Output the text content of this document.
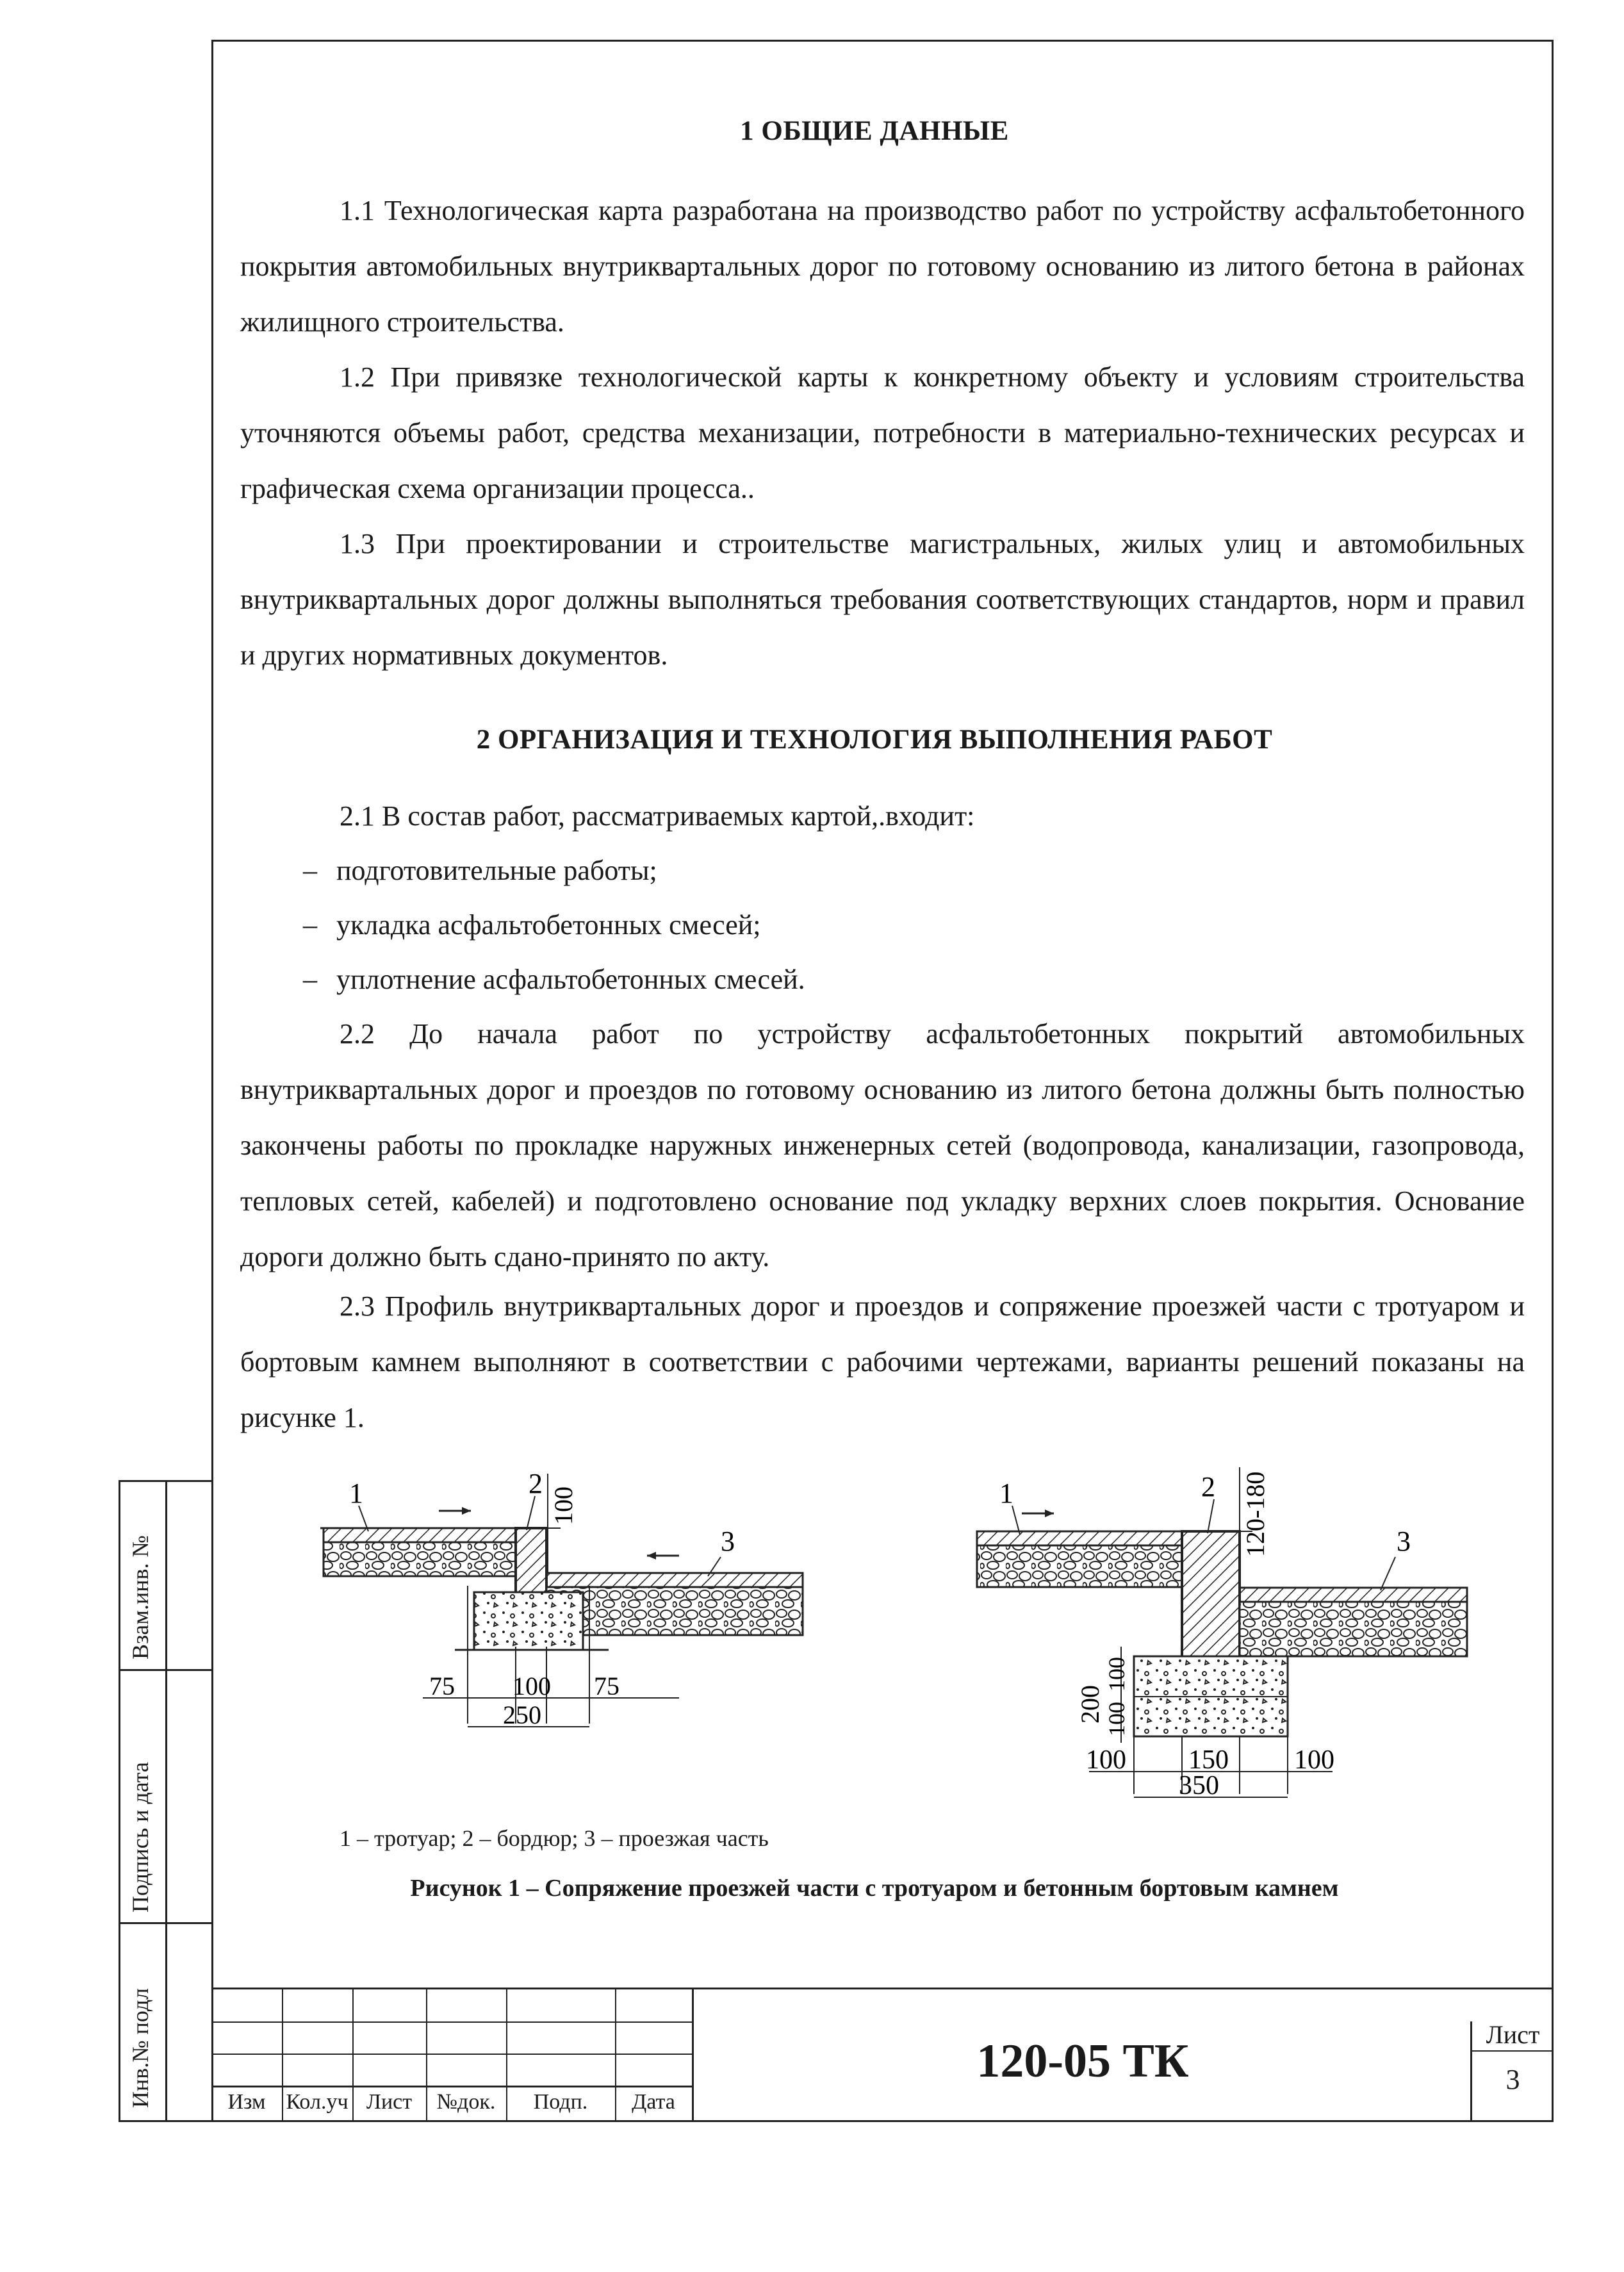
Взам.инв. №
Подпись и дата
Инв.№ подл
1 ОБЩИЕ ДАННЫЕ

1.1 Технологическая карта разработана на производство работ по устройству асфальтобетонного покрытия автомобильных внутриквартальных дорог по готовому основанию из литого бетона в районах жилищного строительства.

1.2 При привязке технологической карты к конкретному объекту и условиям строительства уточняются объемы работ, средства механизации, потребности в материально-технических ресурсах и графическая схема организации процесса..

1.3 При проектировании и строительстве магистральных, жилых улиц и автомобильных внутриквартальных дорог должны выполняться требования соответствующих стандартов, норм и правил и других нормативных документов.

2 ОРГАНИЗАЦИЯ И ТЕХНОЛОГИЯ ВЫПОЛНЕНИЯ РАБОТ

2.1 В состав работ, рассматриваемых картой,.входит:

– подготовительные работы;

– укладка асфальтобетонных смесей;

– уплотнение асфальтобетонных смесей.

2.2 До начала работ по устройству асфальтобетонных покрытий автомобильных внутриквартальных дорог и проездов по готовому основанию из литого бетона должны быть полностью закончены работы по прокладке наружных инженерных сетей (водопровода, канализации, газопровода, тепловых сетей, кабелей) и подготовлено основание под укладку верхних слоев покрытия. Основание дороги должно быть сдано-принято по акту.

2.3 Профиль внутриквартальных дорог и проездов и сопряжение проезжей части с тротуаром и бортовым камнем выполняют в соответствии с рабочими чертежами, варианты решений показаны на рисунке 1.

100
75 100 75
250
1	2
3	120-180
200
100
100
100 150 100
350
1	2
3
1 – тротуар; 2 – бордюр; 3 – проезжая часть
Рисунок 1 – Сопряжение проезжей части с тротуаром и бетонным бортовым камнем
Изм Кол.уч Лист	№док.	Подп.	Дата
120-05 ТК
Лист
3
